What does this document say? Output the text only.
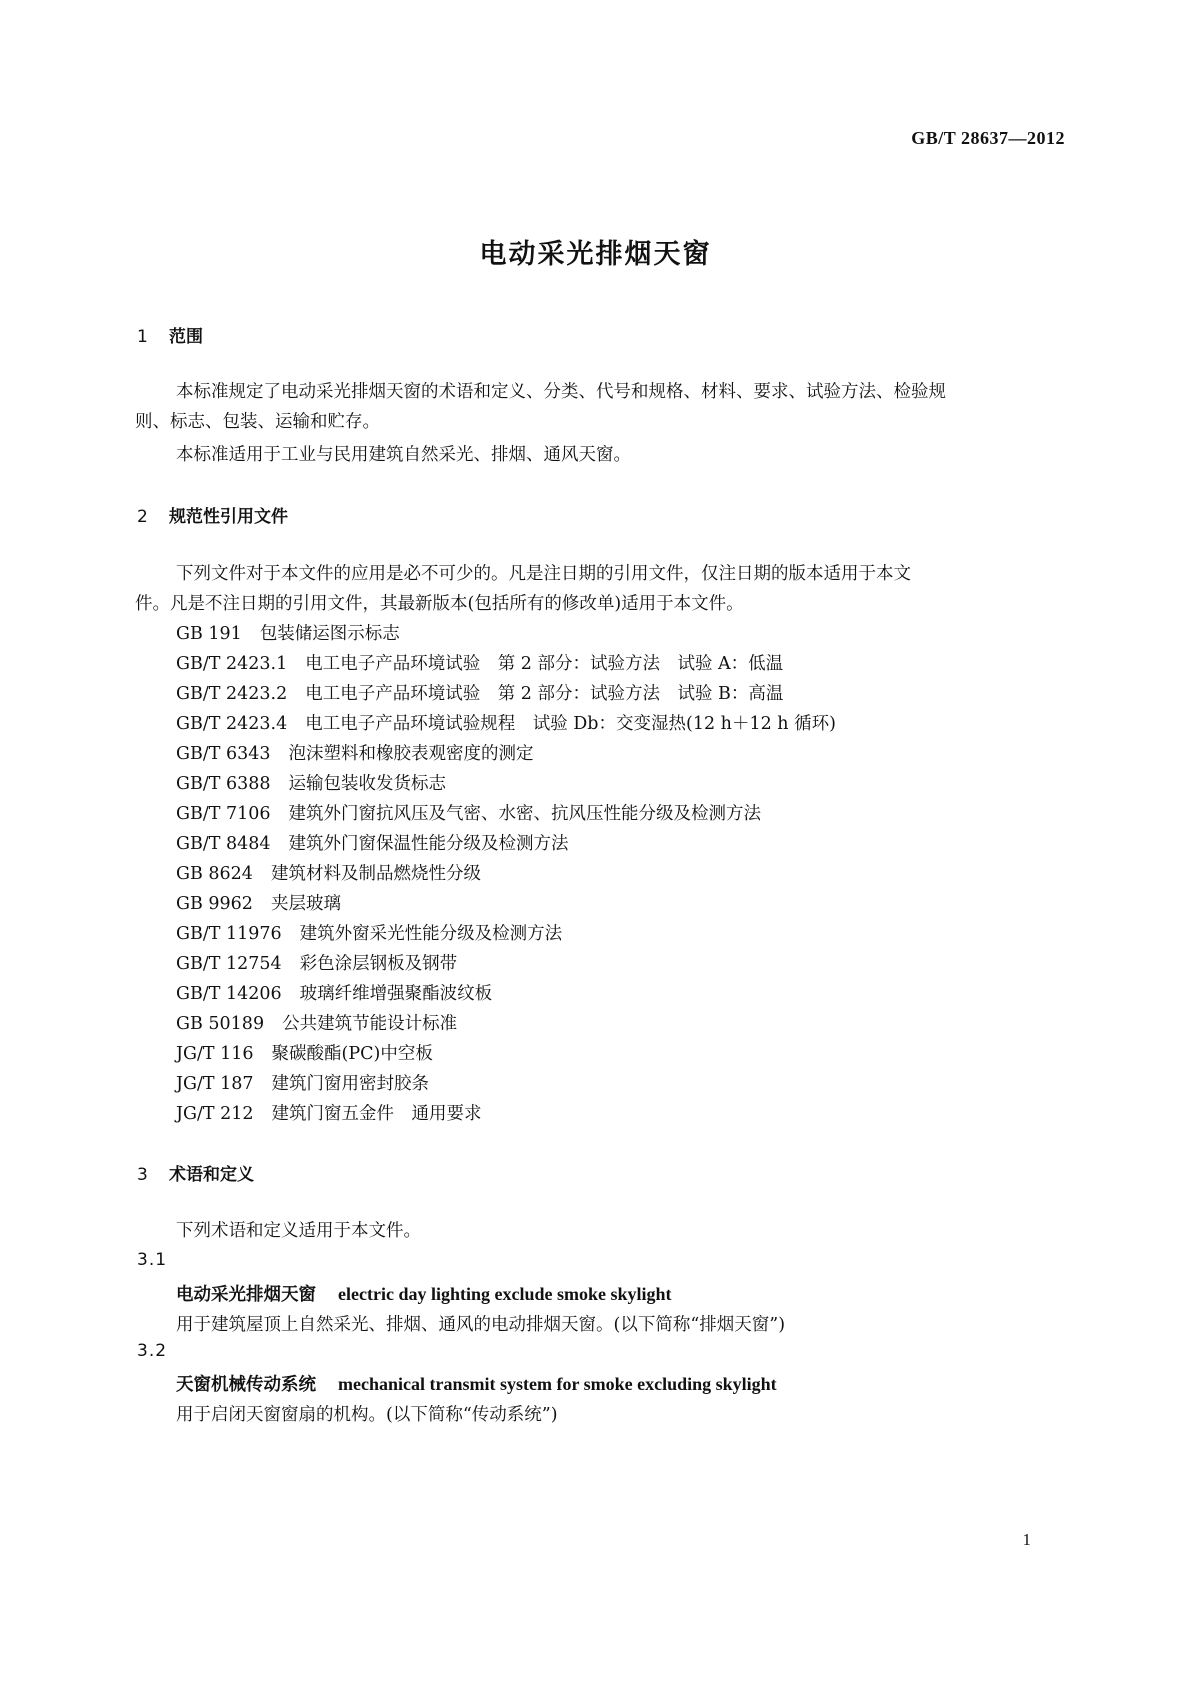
GB/T 28637—2012
电动采光排烟天窗
1 范围
本标准规定了电动采光排烟天窗的术语和定义、分类、代号和规格、材料、要求、试验方法、检验规
则、标志、包装、运输和贮存。
本标准适用于工业与民用建筑自然采光、排烟、通风天窗。
2 规范性引用文件
下列文件对于本文件的应用是必不可少的。凡是注日期的引用文件，仅注日期的版本适用于本文
件。凡是不注日期的引用文件，其最新版本(包括所有的修改单)适用于本文件。
GB 191 包装储运图示标志
GB/T 2423.1 电工电子产品环境试验　第 2 部分：试验方法　试验 A：低温
GB/T 2423.2 电工电子产品环境试验　第 2 部分：试验方法　试验 B：高温
GB/T 2423.4 电工电子产品环境试验规程　试验 Db：交变湿热(12 h＋12 h 循环)
GB/T 6343 泡沫塑料和橡胶表观密度的测定
GB/T 6388 运输包装收发货标志
GB/T 7106 建筑外门窗抗风压及气密、水密、抗风压性能分级及检测方法
GB/T 8484 建筑外门窗保温性能分级及检测方法
GB 8624 建筑材料及制品燃烧性分级
GB 9962 夹层玻璃
GB/T 11976 建筑外窗采光性能分级及检测方法
GB/T 12754 彩色涂层钢板及钢带
GB/T 14206 玻璃纤维增强聚酯波纹板
GB 50189 公共建筑节能设计标准
JG/T 116 聚碳酸酯(PC)中空板
JG/T 187 建筑门窗用密封胶条
JG/T 212 建筑门窗五金件　通用要求
3 术语和定义
下列术语和定义适用于本文件。
3.1
电动采光排烟天窗 electric day lighting exclude smoke skylight
用于建筑屋顶上自然采光、排烟、通风的电动排烟天窗。(以下简称“排烟天窗”)
3.2
天窗机械传动系统 mechanical transmit system for smoke excluding skylight
用于启闭天窗窗扇的机构。(以下简称“传动系统”)
1
